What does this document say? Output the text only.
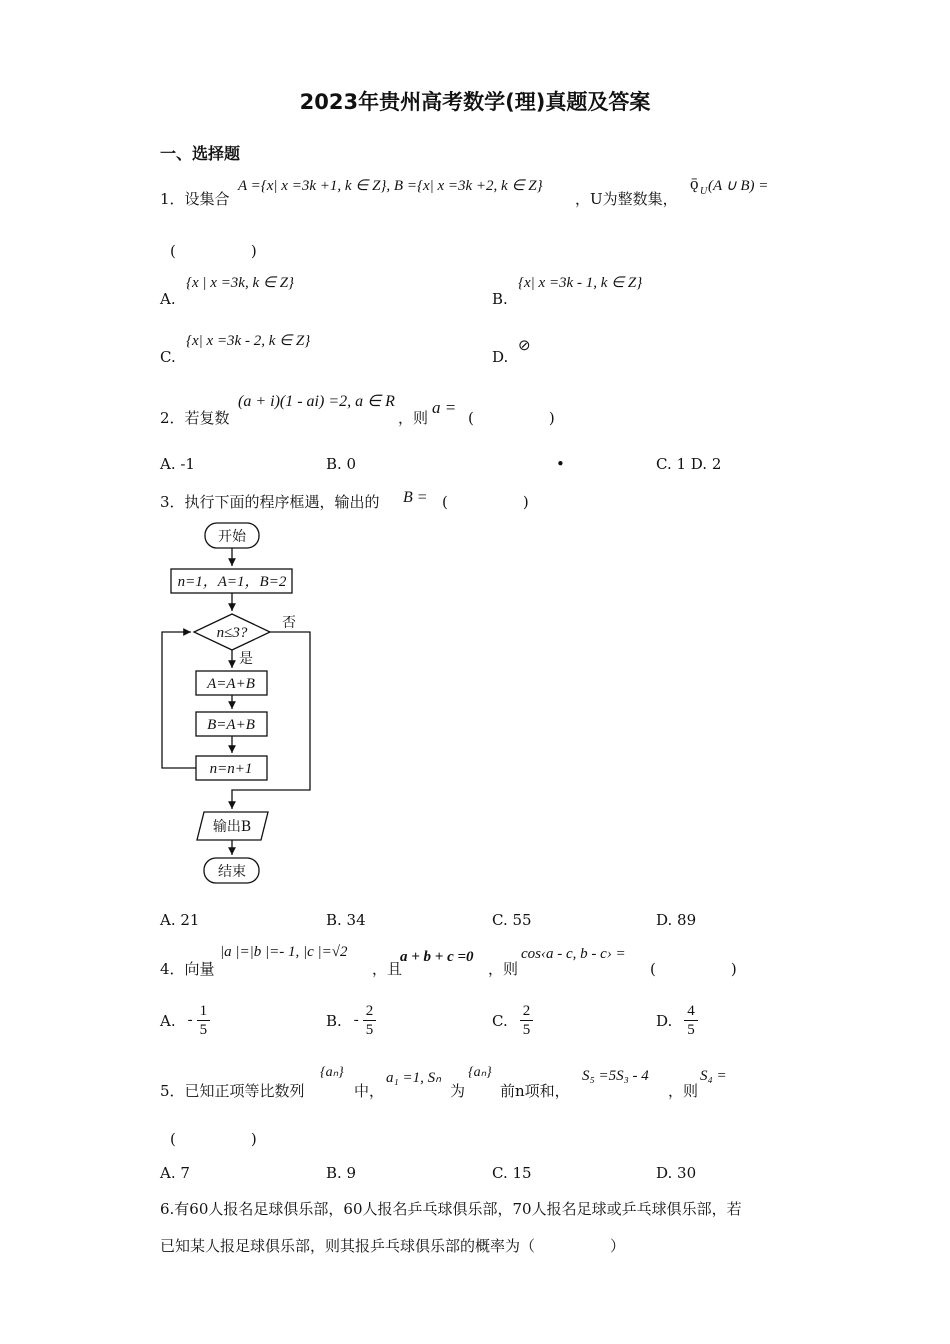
2023年贵州高考数学(理)真题及答案
一、选择题
1．设集合
A ={x| x =3k +1, k ∈ Z}, B ={x| x =3k +2, k ∈ Z}
，U为整数集，
ǭ U (A ∪ B) =
(　　　　　)
A.
{x | x =3k, k ∈ Z}
B.
{x| x =3k - 1, k ∈ Z}
C.
{x| x =3k - 2, k ∈ Z}
D.
⊘
2．若复数
(a + i)(1 - ai) =2, a ∈ R
，则
a =
(　　　　　)
A. -1	B. 0	•	C. 1 D. 2
3．执行下面的程序框遇，输出的 B = (　　　　　)
开始
n=1，A=1，B=2
n≤3?
否
是
A=A+B
B=A+B
n=n+1
输出B
结束
A. 21	B. 34	C. 55	D. 89
4．向量
|a |=|b |=- 1, |c |=√2
，且
a + b + c =0
，则
cos‹a - c, b - c› =
(　　　　　)
A. - $\frac{1}{5}$	B. - $\frac{2}{5}$	C. $\frac{2}{5}$	D. $\frac{4}{5}$
5．已知正项等比数列
{aₙ}
中，
a₁ =1, Sₙ
为
{aₙ}
前n项和，
S₅ =5S₃ - 4
，则
S₄ =
(　　　　　)
A. 7	B. 9	C. 15	D. 30
6.有60人报名足球俱乐部，60人报名乒乓球俱乐部，70人报名足球或乒乓球俱乐部，若
已知某人报足球俱乐部，则其报乒乓球俱乐部的概率为（　　　　　）
